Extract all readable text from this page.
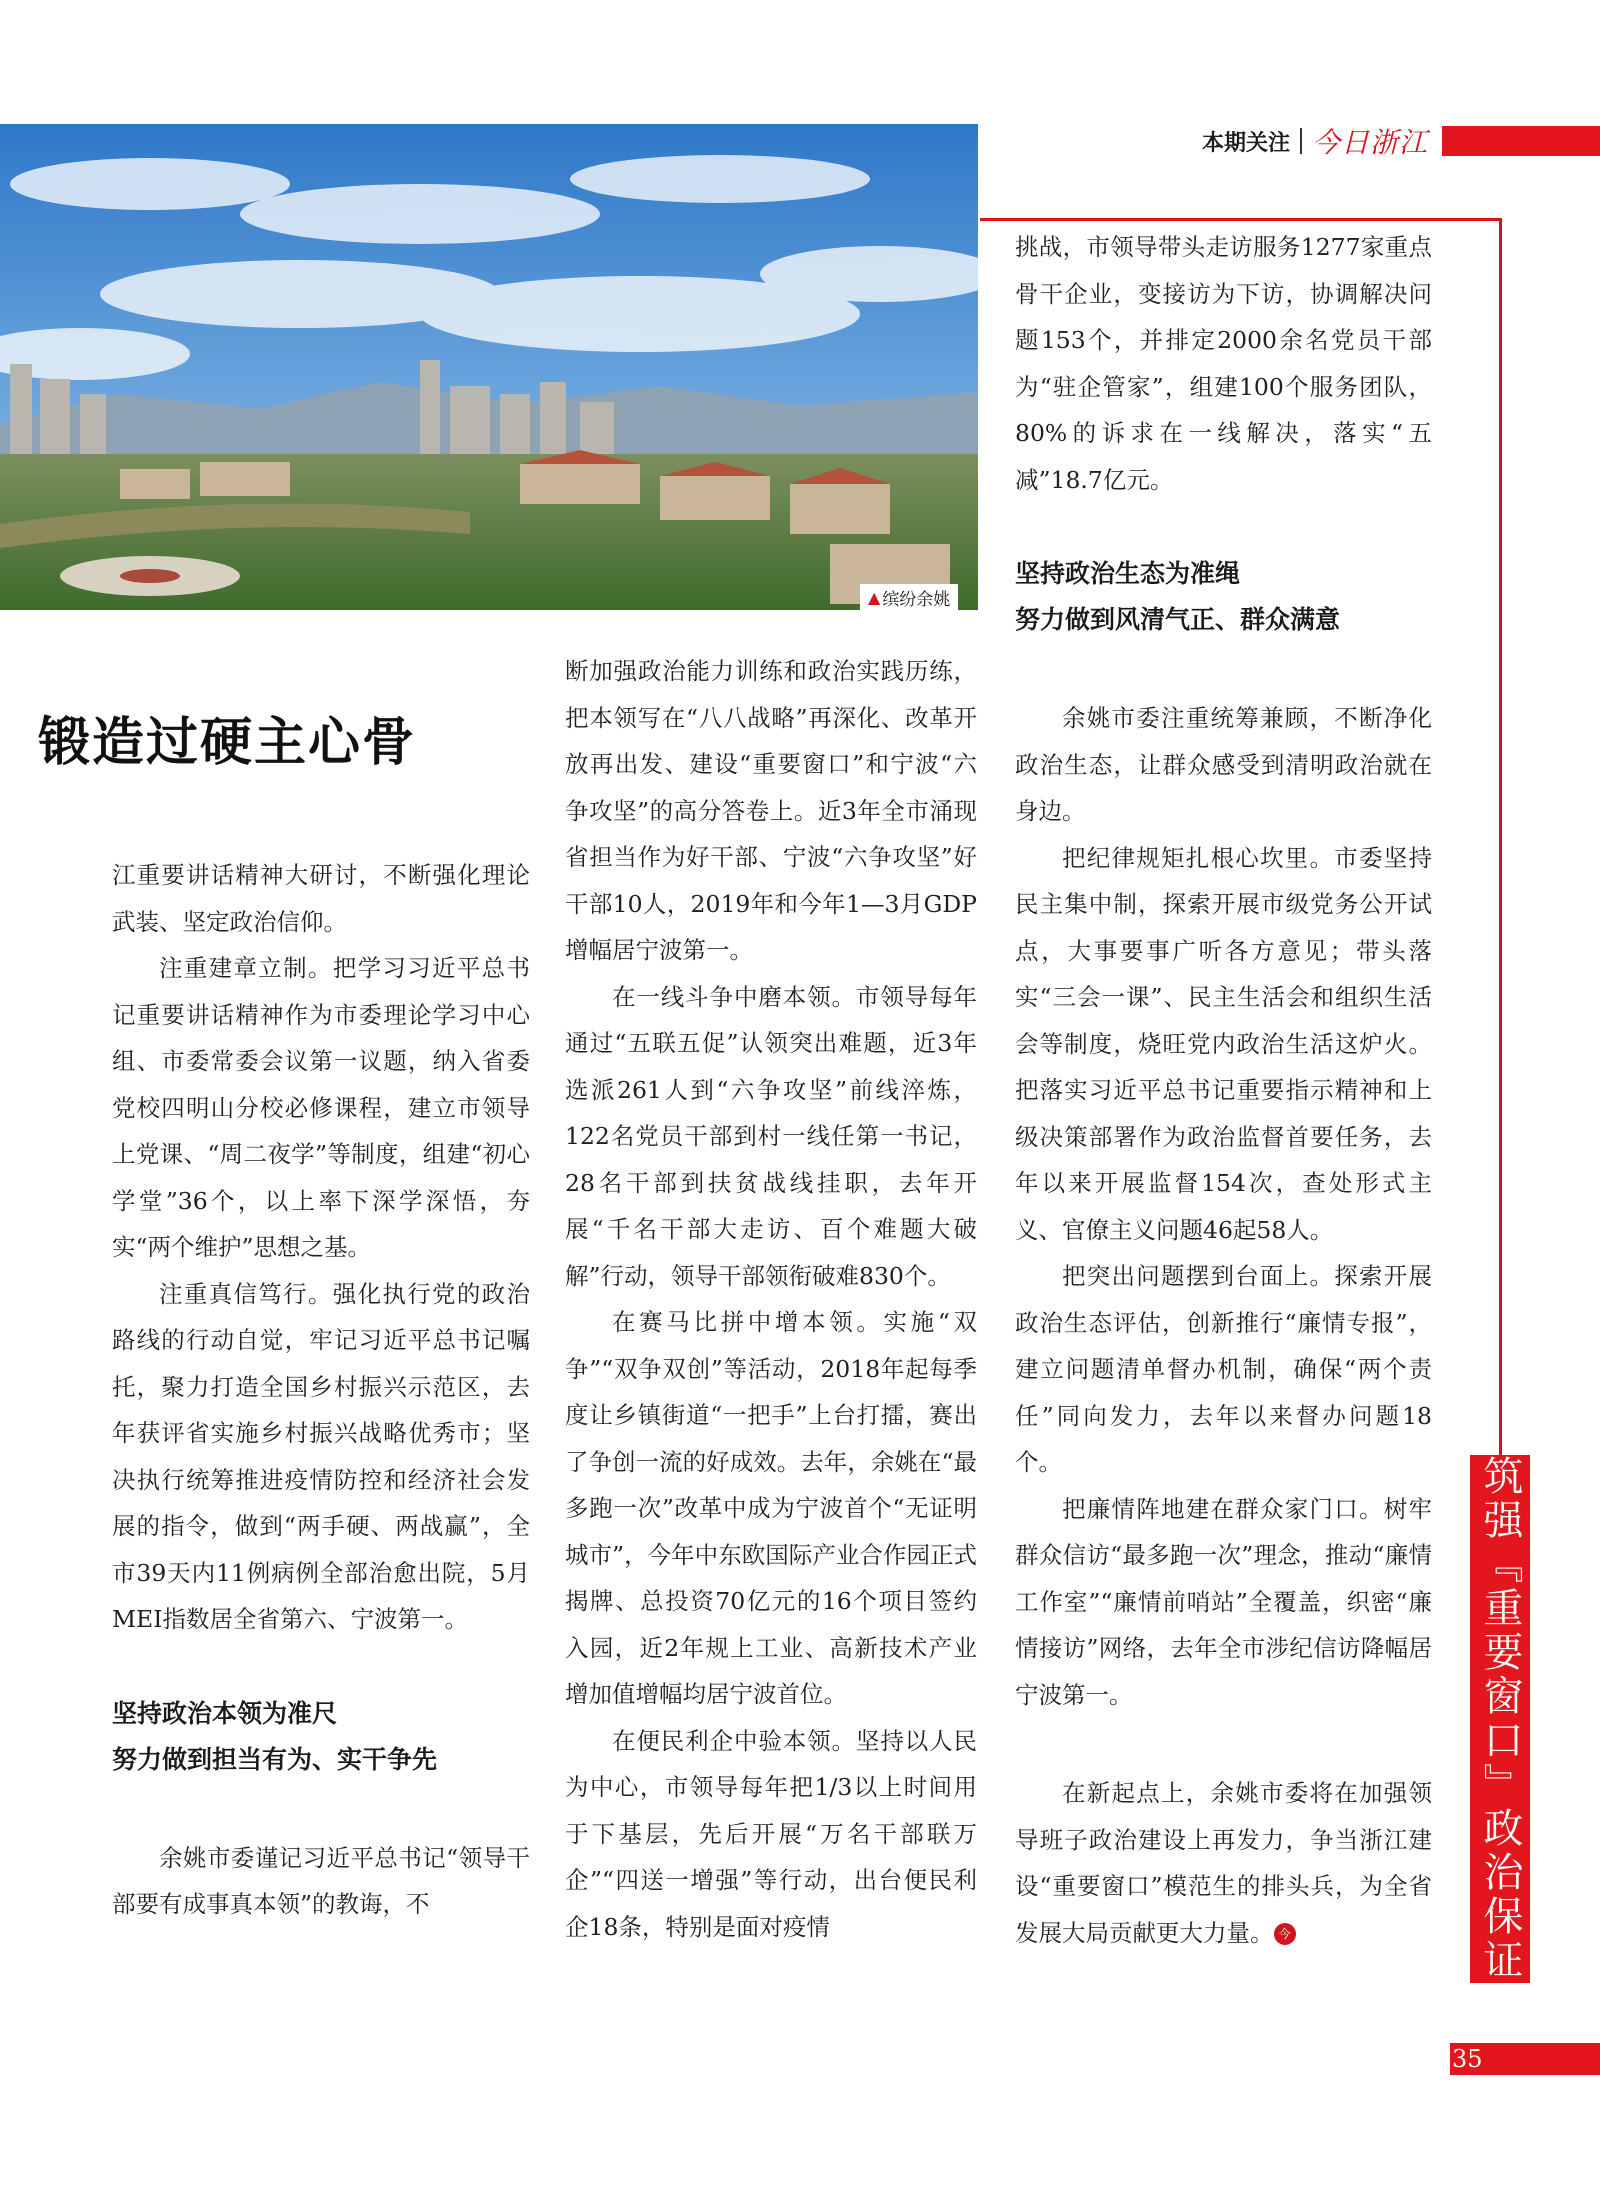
本期关注 今日浙江
▲ 缤纷余姚
锻造过硬主心骨

江重要讲话精神大研讨，不断强化理论武装、坚定政治信仰。

注重建章立制。把学习习近平总书记重要讲话精神作为市委理论学习中心组、市委常委会议第一议题，纳入省委党校四明山分校必修课程，建立市领导上党课、“周二夜学”等制度，组建“初心学堂”36个，以上率下深学深悟，夯实“两个维护”思想之基。

注重真信笃行。强化执行党的政治路线的行动自觉，牢记习近平总书记嘱托，聚力打造全国乡村振兴示范区，去年获评省实施乡村振兴战略优秀市；坚决执行统筹推进疫情防控和经济社会发展的指令，做到“两手硬、两战赢”，全市39天内11例病例全部治愈出院，5月MEI指数居全省第六、宁波第一。

坚持政治本领为准尺
努力做到担当有为、实干争先

余姚市委谨记习近平总书记“领导干部要有成事真本领”的教诲，不

断加强政治能力训练和政治实践历练，把本领写在“八八战略”再深化、改革开放再出发、建设“重要窗口”和宁波“六争攻坚”的高分答卷上。近3年全市涌现省担当作为好干部、宁波“六争攻坚”好干部10人，2019年和今年1—3月GDP增幅居宁波第一。

在一线斗争中磨本领。市领导每年通过“五联五促”认领突出难题，近3年选派261人到“六争攻坚”前线淬炼，122名党员干部到村一线任第一书记，28名干部到扶贫战线挂职，去年开展“千名干部大走访、百个难题大破解”行动，领导干部领衔破难830个。

在赛马比拼中增本领。实施“双争”“双争双创”等活动，2018年起每季度让乡镇街道“一把手”上台打擂，赛出了争创一流的好成效。去年，余姚在“最多跑一次”改革中成为宁波首个“无证明城市”，今年中东欧国际产业合作园正式揭牌、总投资70亿元的16个项目签约入园，近2年规上工业、高新技术产业增加值增幅均居宁波首位。

在便民利企中验本领。坚持以人民为中心，市领导每年把1/3以上时间用于下基层，先后开展“万名干部联万企”“四送一增强”等行动，出台便民利企18条，特别是面对疫情

挑战，市领导带头走访服务1277家重点骨干企业，变接访为下访，协调解决问题153个，并排定2000余名党员干部为“驻企管家”，组建100个服务团队，80%的诉求在一线解决，落实“五减”18.7亿元。

坚持政治生态为准绳
努力做到风清气正、群众满意

余姚市委注重统筹兼顾，不断净化政治生态，让群众感受到清明政治就在身边。

把纪律规矩扎根心坎里。市委坚持民主集中制，探索开展市级党务公开试点，大事要事广听各方意见；带头落实“三会一课”、民主生活会和组织生活会等制度，烧旺党内政治生活这炉火。把落实习近平总书记重要指示精神和上级决策部署作为政治监督首要任务，去年以来开展监督154次，查处形式主义、官僚主义问题46起58人。

把突出问题摆到台面上。探索开展政治生态评估，创新推行“廉情专报”，建立问题清单督办机制，确保“两个责任”同向发力，去年以来督办问题18个。

把廉情阵地建在群众家门口。树牢群众信访“最多跑一次”理念，推动“廉情工作室”“廉情前哨站”全覆盖，织密“廉情接访”网络，去年全市涉纪信访降幅居宁波第一。

在新起点上，余姚市委将在加强领导班子政治建设上再发力，争当浙江建设“重要窗口”模范生的排头兵，为全省发展大局贡献更大力量。 今	筑强『重要窗口』政治保证
35
